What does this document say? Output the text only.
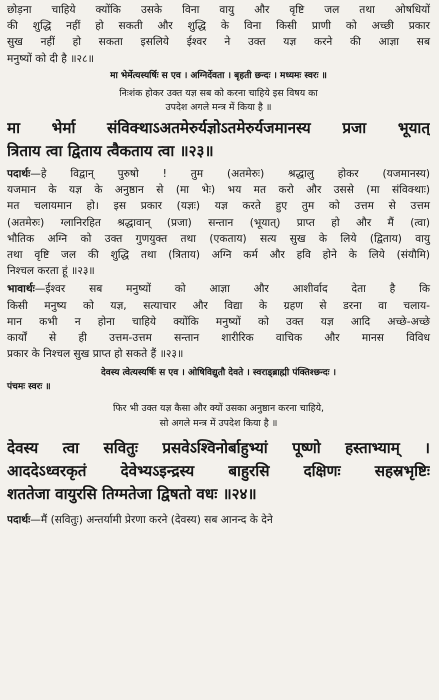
छोड़ना चाहिये क्योंकि उसके विना वायु और वृष्टि जल तथा ओषधियों
की शुद्धि नहीं हो सकती और शुद्धि के विना किसी प्राणी को अच्छी प्रकार
सुख नहीं हो सकता इसलिये ईश्वर ने उक्त यज्ञ करने की आज्ञा सब
मनुष्यों को दी है ॥२८॥
मा भेर्मेत्यस्यर्षिः स एव । अग्निर्देवता । बृहती छन्दः । मध्यमः स्वरः ॥
निःशंक होकर उक्त यज्ञ सब को करना चाहिये इस विषय का
उपदेश अगले मन्त्र में किया है ॥
मा भेर्मा संविक्थाऽअतमेरुर्यज्ञोऽतमेरुर्यजमानस्य प्रजा भूयात्
त्रिताय त्वा द्विताय त्वैकताय त्वा ॥२३॥
पदार्थः—हे विद्वान् पुरुषो ! तुम (अतमेरुः) श्रद्धालु होकर (यजमानस्य)
यजमान के यज्ञ के अनुष्ठान से (मा भेः) भय मत करो और उससे (मा संविक्थाः)
मत चलायमान हो। इस प्रकार (यज्ञः) यज्ञ करते हुए तुम को उत्तम से उत्तम
(अतमेरुः) ग्लानिरहित श्रद्धावान् (प्रजा) सन्तान (भूयात्) प्राप्त हो और मैं (त्वा)
भौतिक अग्नि को उक्त गुणयुक्त तथा (एकताय) सत्य सुख के लिये (द्विताय) वायु
तथा वृष्टि जल की शुद्धि तथा (त्रिताय) अग्नि कर्म और हवि होने के लिये (संयौमि)
निश्चल करता हूं ॥२३॥
भावार्थः—ईश्वर सब मनुष्यों को आज्ञा और आशीर्वाद देता है कि
किसी मनुष्य को यज्ञ, सत्याचार और विद्या के ग्रहण से डरना वा चलाय-
मान कभी न होना चाहिये क्योंकि मनुष्यों को उक्त यज्ञ आदि अच्छे-अच्छे
कार्यों से ही उत्तम-उत्तम सन्तान शारीरिक वाचिक और मानस विविध
प्रकार के निश्चल सुख प्राप्त हो सकते हैं ॥२३॥
देवस्य त्वेत्यस्यर्षिः स एव । ओषिविद्युतौ देवते । स्वराड्ब्राह्मी पंक्तिश्छन्दः ।
पंचमः स्वरः ॥
फिर भी उक्त यज्ञ कैसा और क्यों उसका अनुष्ठान करना चाहिये,
सो अगले मन्त्र में उपदेश किया है ॥
देवस्य त्वा सवितुः प्रसवेऽश्विनोर्बाहुभ्यां पूष्णो हस्ताभ्याम् ।
आददेऽध्वरकृतं देवेभ्यऽइन्द्रस्य बाहुरसि दक्षिणः सहस्रभृष्टिः
शततेजा वायुरसि तिग्मतेजा द्विषतो वधः ॥२४॥
पदार्थः—मैं (सवितुः) अन्तर्यामी प्रेरणा करने (देवस्य) सब आनन्द के देने
